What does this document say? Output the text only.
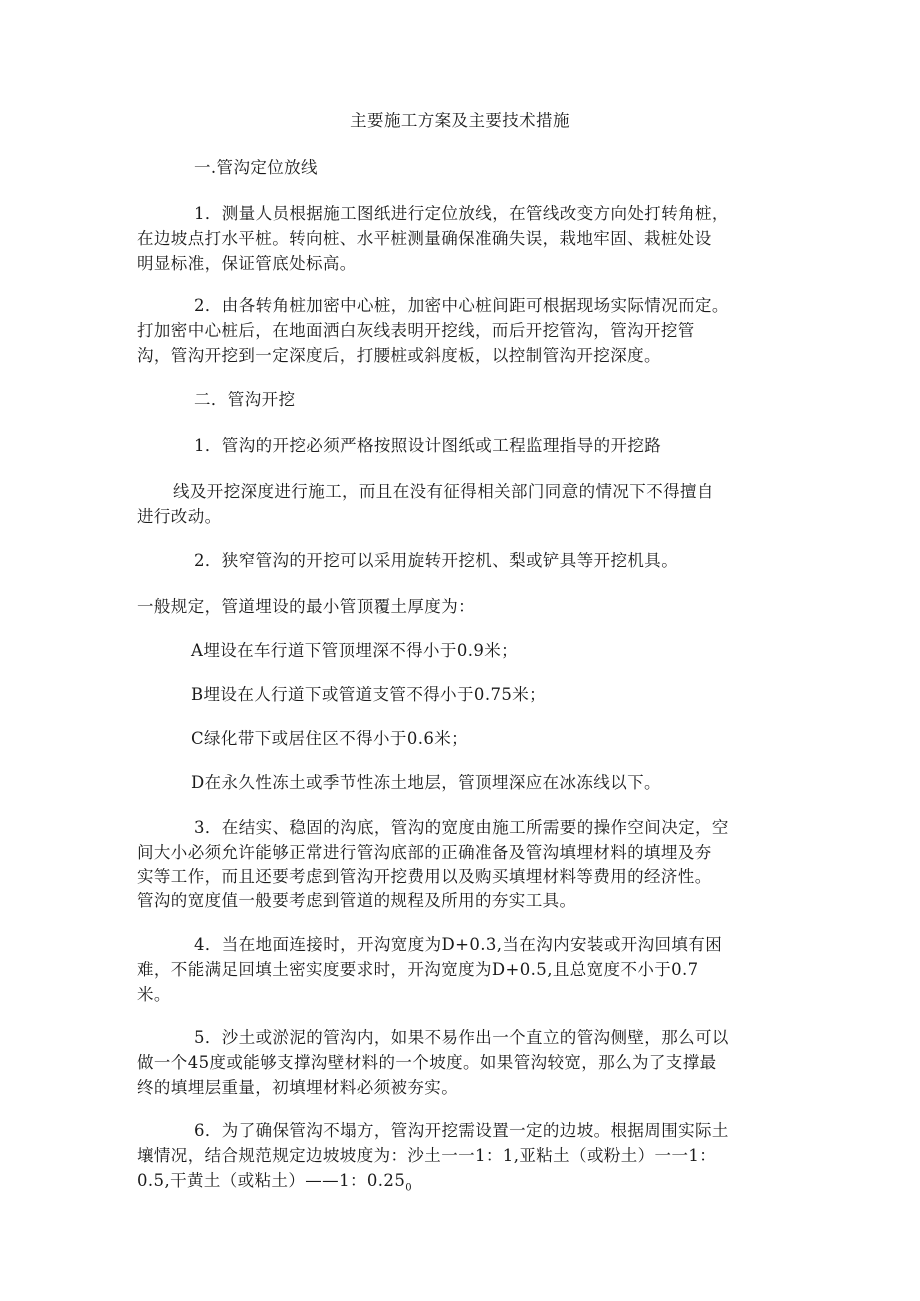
主要施工方案及主要技术措施
一.管沟定位放线
1．测量人员根据施工图纸进行定位放线，在管线改变方向处打转角桩，
在边坡点打水平桩。转向桩、水平桩测量确保准确失误，栽地牢固、栽桩处设
明显标准，保证管底处标高。
2．由各转角桩加密中心桩，加密中心桩间距可根据现场实际情况而定。
打加密中心桩后，在地面洒白灰线表明开挖线，而后开挖管沟，管沟开挖管
沟，管沟开挖到一定深度后，打腰桩或斜度板，以控制管沟开挖深度。
二．管沟开挖
1．管沟的开挖必须严格按照设计图纸或工程监理指导的开挖路
线及开挖深度进行施工，而且在没有征得相关部门同意的情况下不得擅自
进行改动。
2．狭窄管沟的开挖可以采用旋转开挖机、梨或铲具等开挖机具。
一般规定，管道埋设的最小管顶覆土厚度为：
A埋设在车行道下管顶埋深不得小于0.9米；
B埋设在人行道下或管道支管不得小于0.75米；
C绿化带下或居住区不得小于0.6米；
D在永久性冻土或季节性冻土地层，管顶埋深应在冰冻线以下。
3．在结实、稳固的沟底，管沟的宽度由施工所需要的操作空间决定，空
间大小必须允许能够正常进行管沟底部的正确准备及管沟填埋材料的填埋及夯
实等工作，而且还要考虑到管沟开挖费用以及购买填埋材料等费用的经济性。
管沟的宽度值一般要考虑到管道的规程及所用的夯实工具。
4．当在地面连接时，开沟宽度为D+0.3,当在沟内安装或开沟回填有困
难，不能满足回填土密实度要求时，开沟宽度为D+0.5,且总宽度不小于0.7
米。
5．沙土或淤泥的管沟内，如果不易作出一个直立的管沟侧壁，那么可以
做一个45度或能够支撑沟壁材料的一个坡度。如果管沟较宽，那么为了支撑最
终的填埋层重量，初填埋材料必须被夯实。
6．为了确保管沟不塌方，管沟开挖需设置一定的边坡。根据周围实际土
壤情况，结合规范规定边坡坡度为：沙土一一1：1,亚粘土（或粉土）一一1：
0.5,干黄土（或粘土）——1：$0.25_0$
